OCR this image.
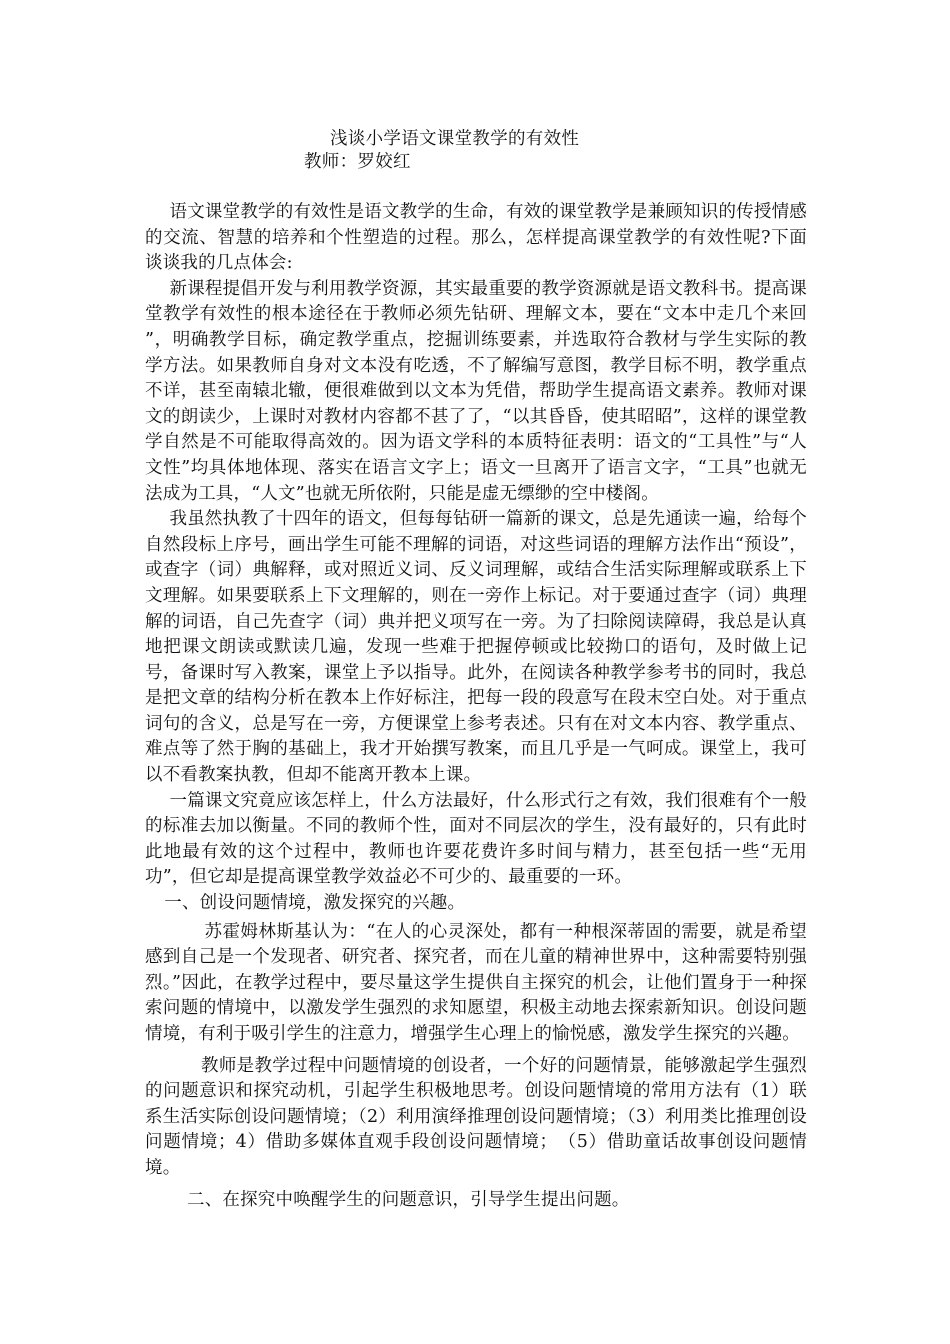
浅谈小学语文课堂教学的有效性
教师：罗姣红

语文课堂教学的有效性是语文教学的生命，有效的课堂教学是兼顾知识的传授情感的交流、智慧的培养和个性塑造的过程。那么，怎样提高课堂教学的有效性呢?下面谈谈我的几点体会:

新课程提倡开发与利用教学资源，其实最重要的教学资源就是语文教科书。提高课堂教学有效性的根本途径在于教师必须先钻研、理解文本，要在“文本中走几个来回 ”，明确教学目标，确定教学重点，挖掘训练要素，并选取符合教材与学生实际的教学方法。如果教师自身对文本没有吃透，不了解编写意图，教学目标不明，教学重点不详，甚至南辕北辙，便很难做到以文本为凭借，帮助学生提高语文素养。教师对课文的朗读少，上课时对教材内容都不甚了了，“以其昏昏，使其昭昭”，这样的课堂教学自然是不可能取得高效的。因为语文学科的本质特征表明：语文的“工具性”与“人文性”均具体地体现、落实在语言文字上；语文一旦离开了语言文字，“工具”也就无法成为工具，“人文”也就无所依附，只能是虚无缥缈的空中楼阁。

我虽然执教了十四年的语文，但每每钻研一篇新的课文，总是先通读一遍，给每个自然段标上序号，画出学生可能不理解的词语，对这些词语的理解方法作出“预设”，或查字（词）典解释，或对照近义词、反义词理解，或结合生活实际理解或联系上下文理解。如果要联系上下文理解的，则在一旁作上标记。对于要通过查字（词）典理解的词语，自己先查字（词）典并把义项写在一旁。为了扫除阅读障碍，我总是认真地把课文朗读或默读几遍，发现一些难于把握停顿或比较拗口的语句，及时做上记号，备课时写入教案，课堂上予以指导。此外，在阅读各种教学参考书的同时，我总是把文章的结构分析在教本上作好标注，把每一段的段意写在段末空白处。对于重点词句的含义，总是写在一旁，方便课堂上参考表述。只有在对文本内容、教学重点、难点等了然于胸的基础上，我才开始撰写教案，而且几乎是一气呵成。课堂上，我可以不看教案执教，但却不能离开教本上课。

一篇课文究竟应该怎样上，什么方法最好，什么形式行之有效，我们很难有个一般的标准去加以衡量。不同的教师个性，面对不同层次的学生，没有最好的，只有此时此地最有效的这个过程中，教师也许要花费许多时间与精力，甚至包括一些“无用功”，但它却是提高课堂教学效益必不可少的、最重要的一环。

一、创设问题情境，激发探究的兴趣。

苏霍姆林斯基认为：“在人的心灵深处，都有一种根深蒂固的需要，就是希望感到自己是一个发现者、研究者、探究者，而在儿童的精神世界中，这种需要特别强烈。”因此，在教学过程中，要尽量这学生提供自主探究的机会，让他们置身于一种探索问题的情境中，以激发学生强烈的求知愿望，积极主动地去探索新知识。创设问题情境，有利于吸引学生的注意力，增强学生心理上的愉悦感，激发学生探究的兴趣。

教师是教学过程中问题情境的创设者，一个好的问题情景，能够激起学生强烈的问题意识和探究动机，引起学生积极地思考。创设问题情境的常用方法有（1）联系生活实际创设问题情境；（2）利用演绎推理创设问题情境；（3）利用类比推理创设问题情境；4）借助多媒体直观手段创设问题情境；　（5）借助童话故事创设问题情境。

二、在探究中唤醒学生的问题意识，引导学生提出问题。
